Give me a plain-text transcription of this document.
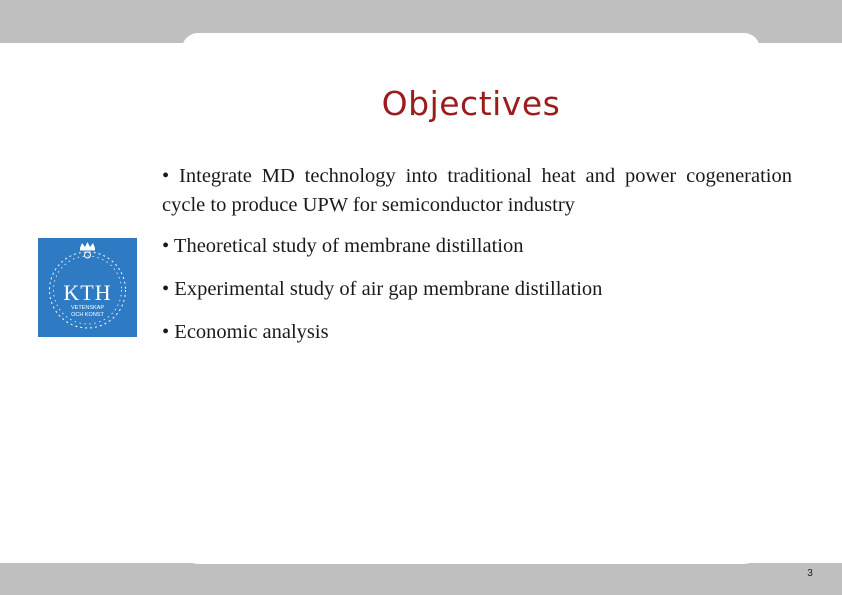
Objectives
• Integrate MD technology into traditional heat and power cogeneration cycle to produce UPW for semiconductor industry
• Theoretical study of membrane distillation
• Experimental study of air gap membrane distillation
• Economic analysis
KTH
VETENSKAP
OCH KONST
3
